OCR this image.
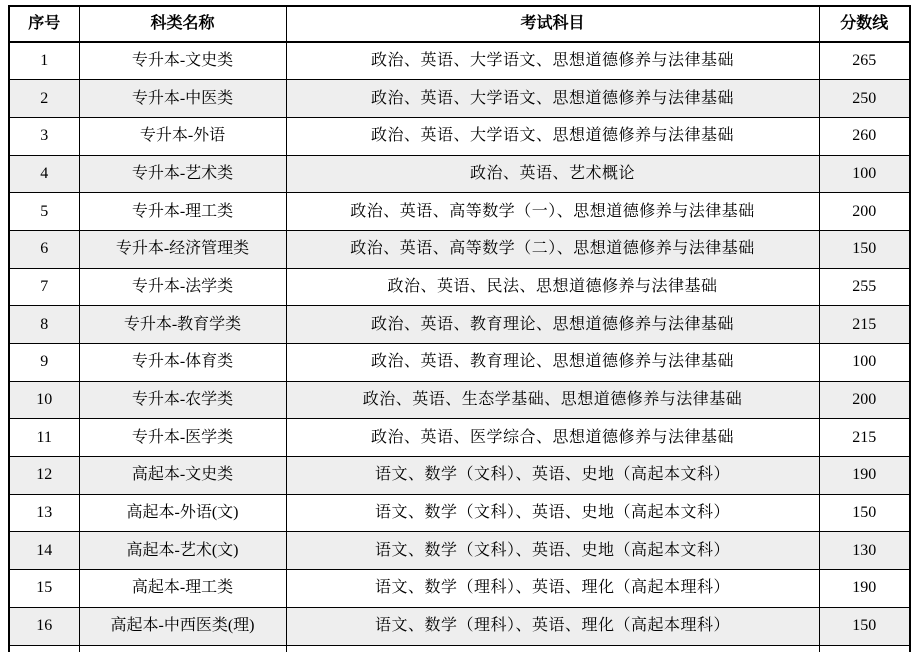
序号	科类名称	考试科目	分数线
1	专升本-文史类	政治、英语、大学语文、思想道德修养与法律基础	265
2	专升本-中医类	政治、英语、大学语文、思想道德修养与法律基础	250
3	专升本-外语	政治、英语、大学语文、思想道德修养与法律基础	260
4	专升本-艺术类	政治、英语、艺术概论	100
5	专升本-理工类	政治、英语、高等数学（一）、思想道德修养与法律基础	200
6	专升本-经济管理类	政治、英语、高等数学（二）、思想道德修养与法律基础	150
7	专升本-法学类	政治、英语、民法、思想道德修养与法律基础	255
8	专升本-教育学类	政治、英语、教育理论、思想道德修养与法律基础	215
9	专升本-体育类	政治、英语、教育理论、思想道德修养与法律基础	100
10	专升本-农学类	政治、英语、生态学基础、思想道德修养与法律基础	200
11	专升本-医学类	政治、英语、医学综合、思想道德修养与法律基础	215
12	高起本-文史类	语文、数学（文科）、英语、史地（高起本文科）	190
13	高起本-外语(文)	语文、数学（文科）、英语、史地（高起本文科）	150
14	高起本-艺术(文)	语文、数学（文科）、英语、史地（高起本文科）	130
15	高起本-理工类	语文、数学（理科）、英语、理化（高起本理科）	190
16	高起本-中西医类(理)	语文、数学（理科）、英语、理化（高起本理科）	150
